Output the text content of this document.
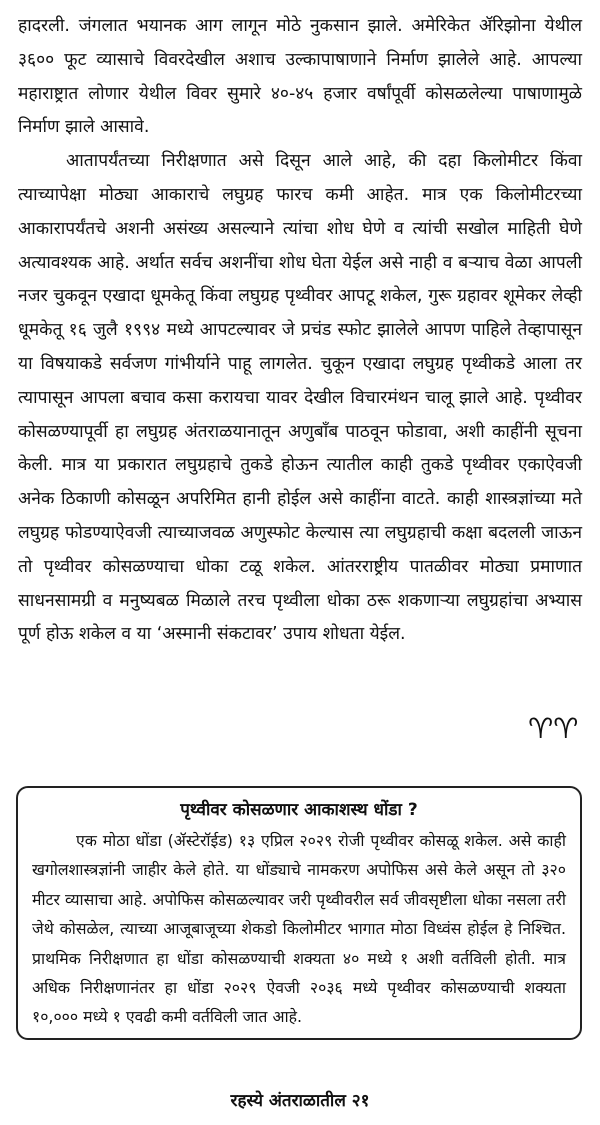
हादरली. जंगलात भयानक आग लागून मोठे नुकसान झाले. अमेरिकेत ॲरिझोना येथील ३६०० फूट व्यासाचे विवरदेखील अशाच उल्कापाषाणाने निर्माण झालेले आहे. आपल्या महाराष्ट्रात लोणार येथील विवर सुमारे ४०-४५ हजार वर्षांपूर्वी कोसळलेल्या पाषाणामुळे निर्माण झाले आसावे.

आतापर्यंतच्या निरीक्षणात असे दिसून आले आहे, की दहा किलोमीटर किंवा त्याच्यापेक्षा मोठ्या आकाराचे लघुग्रह फारच कमी आहेत. मात्र एक किलोमीटरच्या आकारापर्यंतचे अशनी असंख्य असल्याने त्यांचा शोध घेणे व त्यांची सखोल माहिती घेणे अत्यावश्यक आहे. अर्थात सर्वच अशनींचा शोध घेता येईल असे नाही व बऱ्याच वेळा आपली नजर चुकवून एखादा धूमकेतू किंवा लघुग्रह पृथ्वीवर आपटू शकेल, गुरू ग्रहावर शूमेकर लेव्ही धूमकेतू १६ जुलै १९९४ मध्ये आपटल्यावर जे प्रचंड स्फोट झालेले आपण पाहिले तेव्हापासून या विषयाकडे सर्वजण गांभीर्याने पाहू लागलेत. चुकून एखादा लघुग्रह पृथ्वीकडे आला तर त्यापासून आपला बचाव कसा करायचा यावर देखील विचारमंथन चालू झाले आहे. पृथ्वीवर कोसळण्यापूर्वी हा लघुग्रह अंतराळयानातून अणुबॉंब पाठवून फोडावा, अशी काहींनी सूचना केली. मात्र या प्रकारात लघुग्रहाचे तुकडे होऊन त्यातील काही तुकडे पृथ्वीवर एकाऐवजी अनेक ठिकाणी कोसळून अपरिमित हानी होईल असे काहींना वाटते. काही शास्त्रज्ञांच्या मते लघुग्रह फोडण्याऐवजी त्याच्याजवळ अणुस्फोट केल्यास त्या लघुग्रहाची कक्षा बदलली जाऊन तो पृथ्वीवर कोसळण्याचा धोका टळू शकेल. आंतरराष्ट्रीय पातळीवर मोठ्या प्रमाणात साधनसामग्री व मनुष्यबळ मिळाले तरच पृथ्वीला धोका ठरू शकणाऱ्या लघुग्रहांचा अभ्यास पूर्ण होऊ शकेल व या ‘अस्मानी संकटावर’ उपाय शोधता येईल.

♈♈
पृथ्वीवर कोसळणार आकाशस्थ धोंडा ?

एक मोठा धोंडा (ॲस्टेरॉईड) १३ एप्रिल २०२९ रोजी पृथ्वीवर कोसळू शकेल. असे काही खगोलशास्त्रज्ञांनी जाहीर केले होते. या धोंड्याचे नामकरण अपोफिस असे केले असून तो ३२० मीटर व्यासाचा आहे. अपोफिस कोसळल्यावर जरी पृथ्वीवरील सर्व जीवसृष्टीला धोका नसला तरी जेथे कोसळेल, त्याच्या आजूबाजूच्या शेकडो किलोमीटर भागात मोठा विध्वंस होईल हे निश्चित. प्राथमिक निरीक्षणात हा धोंडा कोसळण्याची शक्यता ४० मध्ये १ अशी वर्तविली होती. मात्र अधिक निरीक्षणानंतर हा धोंडा २०२९ ऐवजी २०३६ मध्ये पृथ्वीवर कोसळण्याची शक्यता १०,००० मध्ये १ एवढी कमी वर्तविली जात आहे.

रहस्ये अंतराळातील २१
